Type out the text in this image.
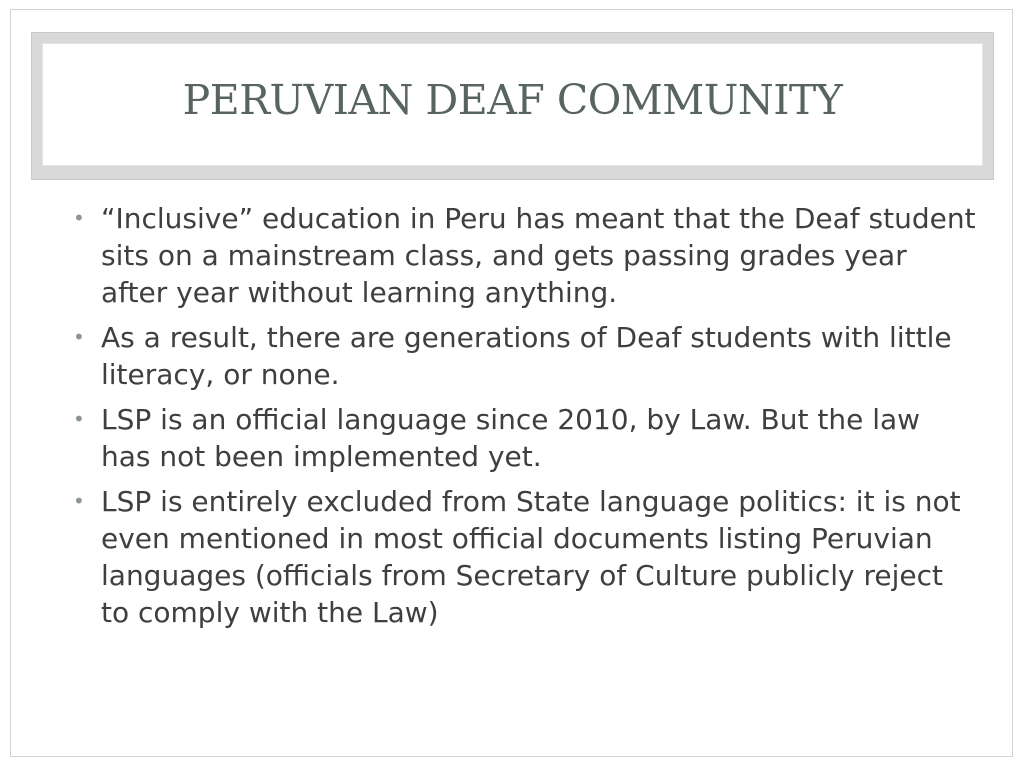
PERUVIAN DEAF COMMUNITY
• “Inclusive” education in Peru has meant that the Deaf student sits on a mainstream class, and gets passing grades year after year without learning anything.
• As a result, there are generations of Deaf students with little literacy, or none.
• LSP is an official language since 2010, by Law. But the law has not been implemented yet.
• LSP is entirely excluded from State language politics: it is not even mentioned in most official documents listing Peruvian languages (officials from Secretary of Culture publicly reject to comply with the Law)
